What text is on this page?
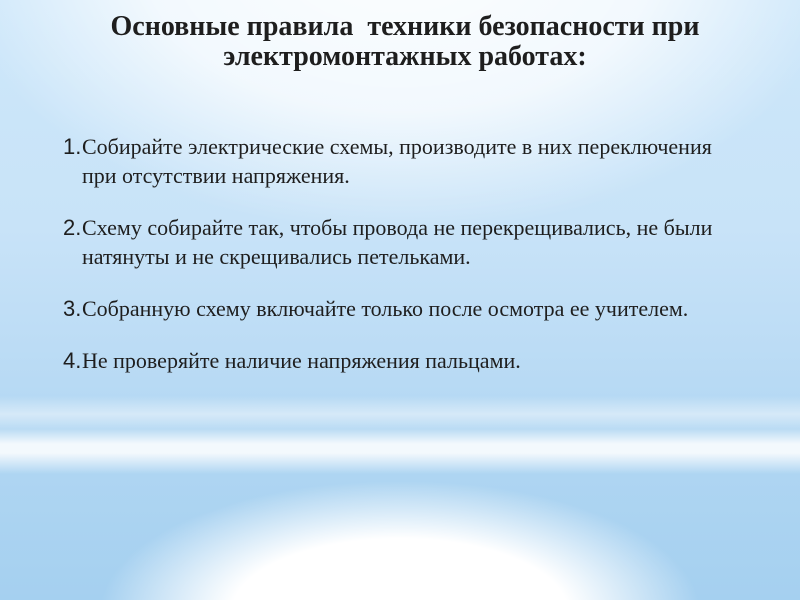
Основные правила  техники безопасности при
электромонтажных работах:
1. Собирайте электрические схемы, производите в них переключения
при отсутствии напряжения.
2. Схему собирайте так, чтобы провода не перекрещивались, не были
натянуты и не скрещивались петельками.
3. Собранную схему включайте только после осмотра ее учителем.
4. Не проверяйте наличие напряжения пальцами.
